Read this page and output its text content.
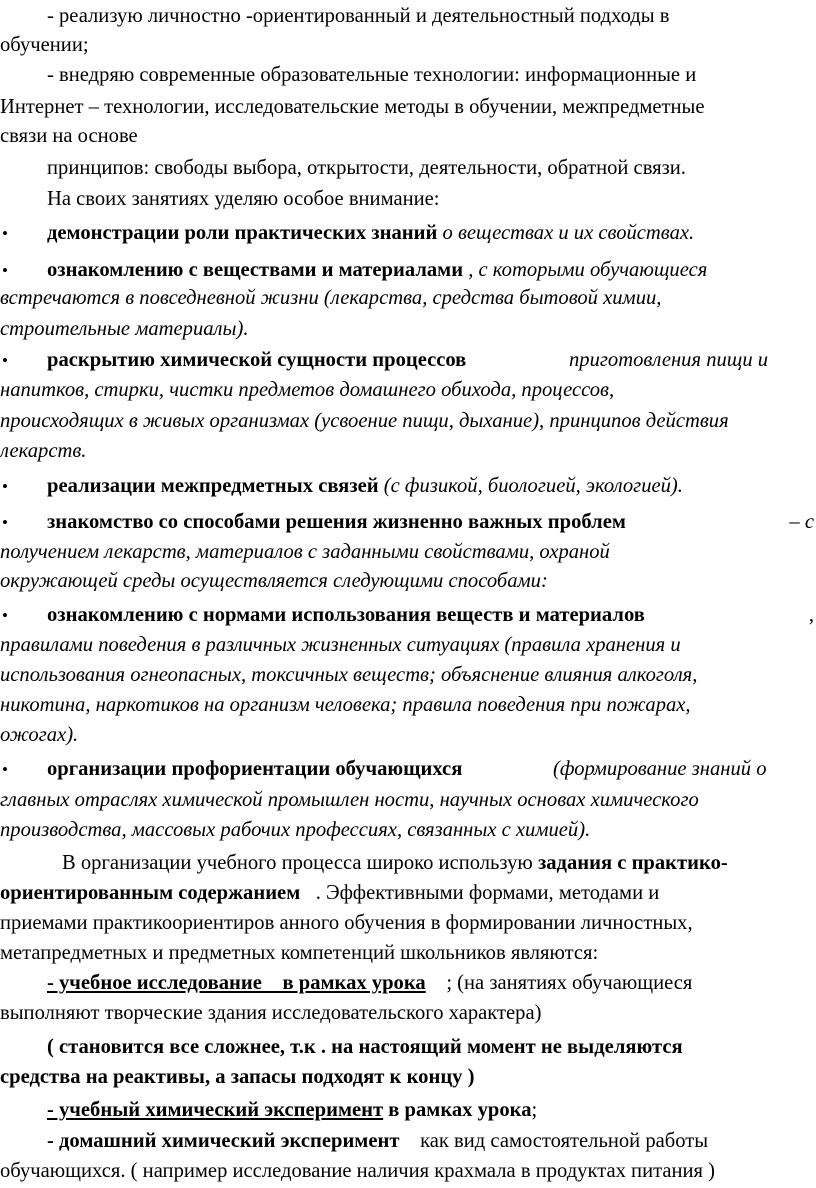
- реализую личностно -ориентированный и деятельностный подходы в
обучении;
- внедряю современные образовательные технологии: информационные и
Интернет – технологии, исследовательские методы в обучении, межпредметные
связи на основе
принципов: свободы выбора, открытости, деятельности, обратной связи.
На своих занятиях уделяю особое внимание:
• демонстрации роли практических знаний о веществах и их свойствах.
• ознакомлению с веществами и материалами , с которыми обучающиеся
встречаются в повседневной жизни (лекарства, средства бытовой химии,
строительные материалы).
• раскрытию химической сущности процессов	приготовления пищи и
напитков, стирки, чистки предметов домашнего обихода, процессов,
происходящих в живых организмах (усвоение пищи, дыхание), принципов действия
лекарств.
• реализации межпредметных связей (с физикой, биологией, экологией).
• знакомство со способами решения жизненно важных проблем	– с
получением лекарств, материалов с заданными свойствами, охраной
окружающей среды осуществляется следующими способами:
• ознакомлению с нормами использования веществ и материалов	,
правилами поведения в различных жизненных ситуациях (правила хранения и
использования огнеопасных, токсичных веществ; объяснение влияния алкоголя,
никотина, наркотиков на организм человека; правила поведения при пожарах,
ожогах).
• организации профориентации обучающихся	(формирование знаний о
главных отраслях химической промышлен ности, научных основах химического
производства, массовых рабочих профессиях, связанных с химией).
В организации учебного процесса широко использую задания с практико-
ориентированным содержанием . Эффективными формами, методами и
приемами практикоориентиров анного обучения в формировании личностных,
метапредметных и предметных компетенций школьников являются:
- учебное исследование    в рамках урока ; (на занятиях обучающиеся
выполняют творческие здания исследовательского характера)
( становится все сложнее, т.к . на настоящий момент не выделяются
средства на реактивы, а запасы подходят к концу )
- учебный химический эксперимент в рамках урока;
- домашний химический эксперимент как вид самостоятельной работы
обучающихся. ( например исследование наличия крахмала в продуктах питания )
